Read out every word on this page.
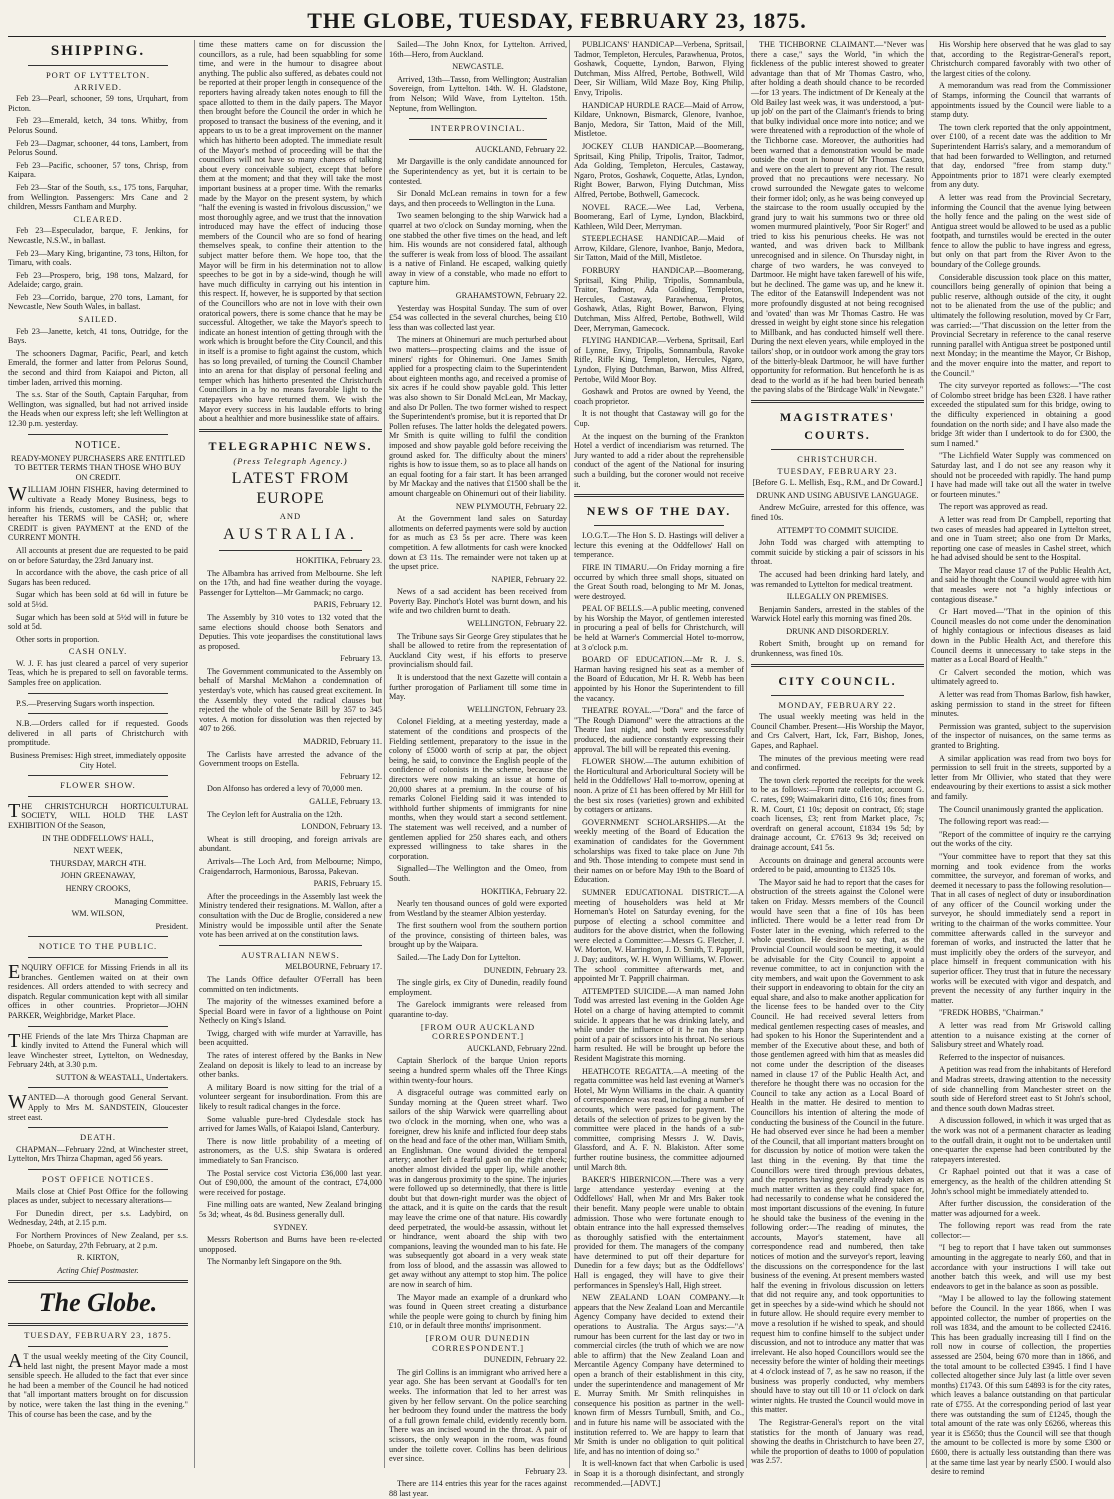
THE GLOBE, TUESDAY, FEBRUARY 23, 1875.
SHIPPING.
PORT OF LYTTELTON.
ARRIVED.

Feb 23—Pearl, schooner, 59 tons, Urquhart, from Picton.

Feb 23—Emerald, ketch, 34 tons. Whitby, from Pelorus Sound.

Feb 23—Dagmar, schooner, 44 tons, Lambert, from Pelorus Sound.

Feb 23—Pacific, schooner, 57 tons, Chrisp, from Kaipara.

Feb 23—Star of the South, s.s., 175 tons, Farquhar, from Wellington. Passengers: Mrs Cane and 2 children, Messrs Fantham and Murphy.

CLEARED.

Feb 23—Especulador, barque, F. Jenkins, for Newcastle, N.S.W., in ballast.

Feb 23—Mary King, brigantine, 73 tons, Hilton, for Timaru, with coals.

Feb 23—Prospero, brig, 198 tons, Malzard, for Adelaide; cargo, grain.

Feb 23—Corrido, barque, 270 tons, Lamant, for Newcastle, New South Wales, in ballast.

SAILED.

Feb 23—Janette, ketch, 41 tons, Outridge, for the Bays.

The schooners Dagmar, Pacific, Pearl, and ketch Emerald, the former and latter from Pelorus Sound, the second and third from Kaiapoi and Picton, all timber laden, arrived this morning.

The s.s. Star of the South, Captain Farquhar, from Wellington, was signalled, but had not arrived inside the Heads when our express left; she left Wellington at 12.30 p.m. yesterday.

NOTICE.

READY-MONEY PURCHASERS ARE ENTITLED TO BETTER TERMS THAN THOSE WHO BUY ON CREDIT.

WILLIAM JOHN FISHER, having determined to cultivate a Ready Money Business, begs to inform his friends, customers, and the public that hereafter his TERMS will be CASH; or, where CREDIT is given PAYMENT at the END of the CURRENT MONTH.

All accounts at present due are requested to be paid on or before Saturday, the 23rd January inst.

In accordance with the above, the cash price of all Sugars has been reduced.

Sugar which has been sold at 6d will in future be sold at 5½d.

Sugar which has been sold at 5½d will in future be sold at 5d.

Other sorts in proportion.

CASH ONLY.

W. J. F. has just cleared a parcel of very superior Teas, which he is prepared to sell on favorable terms. Samples free on application.

P.S.—Preserving Sugars worth inspection.

N.B.—Orders called for if requested. Goods delivered in all parts of Christchurch with promptitude.

Business Premises: High street, immediately opposite City Hotel.

FLOWER SHOW.

THE CHRISTCHURCH HORTICULTURAL SOCIETY, WILL HOLD THE LAST EXHIBITION Of the Season,

IN THE ODDFELLOWS' HALL,

NEXT WEEK,

THURSDAY, MARCH 4TH.

JOHN GREENAWAY,

HENRY CROOKS,

Managing Committee.

WM. WILSON,

President.

NOTICE TO THE PUBLIC.

ENQUIRY OFFICE for Missing Friends in all its branches. Gentlemen waited on at their own residences. All orders attended to with secrecy and dispatch. Regular communication kept with all similar offices in other countries. Proprietor—JOHN PARKER, Weighbridge, Market Place.

THE Friends of the late Mrs Thirza Chapman are kindly invited to Attend the Funeral which will leave Winchester street, Lyttelton, on Wednesday, February 24th, at 3.30 p.m.

SUTTON & WEASTALL, Undertakers.

WANTED—A thorough good General Servant. Apply to Mrs M. SANDSTEIN, Gloucester street east.

DEATH.

CHAPMAN—February 22nd, at Winchester street, Lyttelton, Mrs Thirza Chapman, aged 56 years.

POST OFFICE NOTICES.

Mails close at Chief Post Office for the following places as under, subject to necessary alterations—

For Dunedin direct, per s.s. Ladybird, on Wednesday, 24th, at 2.15 p.m.

For Northern Provinces of New Zealand, per s.s. Phoebe, on Saturday, 27th February, at 2 p.m.

R. KIRTON,

Acting Chief Postmaster.

The Globe.
TUESDAY, FEBRUARY 23, 1875.

AT the usual weekly meeting of the City Council, held last night, the present Mayor made a most sensible speech. He alluded to the fact that ever since he had been a member of the Council he had noticed that "all important matters brought on for discussion by notice, were taken the last thing in the evening." This of course has been the case, and by the

time these matters came on for discussion the councillors, as a rule, had been squabbling for some time, and were in the humour to disagree about anything. The public also suffered, as debates could not be reported at their proper length in consequence of the reporters having already taken notes enough to fill the space allotted to them in the daily papers. The Mayor then brought before the Council the order in which he proposed to transact the business of the evening, and it appears to us to be a great improvement on the manner which has hitherto been adopted. The immediate result of the Mayor's method of proceeding will be that the councillors will not have so many chances of talking about every conceivable subject, except that before them at the moment; and that they will take the most important business at a proper time. With the remarks made by the Mayor on the present system, by which "half the evening is wasted in frivolous discussion," we most thoroughly agree, and we trust that the innovation introduced may have the effect of inducing those members of the Council who are so fond of hearing themselves speak, to confine their attention to the subject matter before them. We hope too, that the Mayor will be firm in his determination not to allow speeches to be got in by a side-wind, though he will have much difficulty in carrying out his intention in this respect. If, however, he is supported by that section of the Councillors who are not in love with their own oratorical powers, there is some chance that he may be successful. Altogether, we take the Mayor's speech to indicate an honest intention of getting through with the work which is brought before the City Council, and this in itself is a promise to fight against the custom, which has so long prevailed, of turning the Council Chamber into an arena for that display of personal feeling and temper which has hitherto presented the Christchurch Councillors in a by no means favorable light to the ratepayers who have returned them. We wish the Mayor every success in his laudable efforts to bring about a healthier and more businesslike state of affairs.

TELEGRAPHIC NEWS.
(Press Telegraph Agency.)
LATEST FROM EUROPE
AND
AUSTRALIA.

HOKITIKA, February 23.

The Albambra has arrived from Melbourne. She left on the 17th, and had fine weather during the voyage. Passenger for Lyttelton—Mr Gammack; no cargo.

PARIS, February 12.

The Assembly by 310 votes to 132 voted that the same elections should choose both Senators and Deputies. This vote jeopardises the constitutional laws as proposed.

February 13.

The Government communicated to the Assembly on behalf of Marshal McMahon a condemnation of yesterday's vote, which has caused great excitement. In the Assembly they voted the radical clauses but rejected the whole of the Senate Bill by 357 to 345 votes. A motion for dissolution was then rejected by 407 to 266.

MADRID, February 11.

The Carlists have arrested the advance of the Government troops on Estella.

February 12.

Don Alfonso has ordered a levy of 70,000 men.

GALLE, February 13.

The Ceylon left for Australia on the 12th.

LONDON, February 13.

Wheat is still drooping, and foreign arrivals are abundant.

Arrivals—The Loch Ard, from Melbourne; Nimpo, Craigendarroch, Harmonious, Barossa, Pakevan.

PARIS, February 15.

After the proceedings in the Assembly last week the Ministry tendered their resignations. M. Wallon, after a consultation with the Duc de Broglie, considered a new Ministry would be impossible until after the Senate vote has been arrived at on the constitution laws.

AUSTRALIAN NEWS.

MELBOURNE, February 17.

The Lands Office defaulter O'Ferrall has been committed on ten indictments.

The majority of the witnesses examined before a Special Board were in favor of a lighthouse on Point Nethecly on King's Island.

Twigg, charged with wife murder at Yarraville, has been acquitted.

The rates of interest offered by the Banks in New Zealand on deposit is likely to lead to an increase by other banks.

A military Board is now sitting for the trial of a volunteer sergeant for insubordination. From this are likely to result radical changes in the force.

Some valuable pure-bred Clydesdale stock has arrived for James Walls, of Kaiapoi Island, Canterbury.

There is now little probability of a meeting of astronomers, as the U.S. ship Swatara is ordered immediately to San Francisco.

The Postal service cost Victoria £36,000 last year. Out of £90,000, the amount of the contract, £74,000 were received for postage.

Fine milling oats are wanted, New Zealand bringing 5s 3d; wheat, 4s 8d. Business generally dull.

SYDNEY.

Messrs Robertson and Burns have been re-elected unopposed.

The Normanby left Singapore on the 9th.

Sailed—The John Knox, for Lyttelton. Arrived, 16th—Hero, from Auckland.

NEWCASTLE.

Arrived, 13th—Tasso, from Wellington; Australian Sovereign, from Lyttelton. 14th. W. H. Gladstone, from Nelson; Wild Wave, from Lyttelton. 15th. Neptune, from Wellington.

INTERPROVINCIAL.

AUCKLAND, February 22.

Mr Dargaville is the only candidate announced for the Superintendency as yet, but it is certain to be contested.

Sir Donald McLean remains in town for a few days, and then proceeds to Wellington in the Luna.

Two seamen belonging to the ship Warwick had a quarrel at two o'clock on Sunday morning, when the one stabbed the other five times on the head, and left him. His wounds are not considered fatal, although the sufferer is weak from loss of blood. The assailant is a native of Finland. He escaped, walking quietly away in view of a constable, who made no effort to capture him.

GRAHAMSTOWN, February 22.

Yesterday was Hospital Sunday. The sum of over £54 was collected in the several churches, being £10 less than was collected last year.

The miners at Ohinemuri are much perturbed about two matters—prospecting claims and the issue of miners' rights for Ohinemuri. One James Smith applied for a prospecting claim to the Superintendent about eighteen months ago, and received a promise of six acres if he could show payable gold. This letter was also shown to Sir Donald McLean, Mr Mackay, and also Dr Pollen. The two former wished to respect the Superintendent's promise, but it is reported that Dr Pollen refuses. The latter holds the delegated powers. Mr Smith is quite willing to fulfil the condition imposed and show payable gold before receiving the ground asked for. The difficulty about the miners' rights is how to issue them, so as to place all hands on an equal footing for a fair start. It has been arranged by Mr Mackay and the natives that £1500 shall be the amount chargeable on Ohinemuri out of their liability.

NEW PLYMOUTH, February 22.

At the Government land sales on Saturday allotments on deferred payments were sold by auction for as much as £3 5s per acre. There was keen competition. A few allotments for cash were knocked down at £3 11s. The remainder were not taken up at the upset price.

NAPIER, February 22.

News of a sad accident has been received from Poverty Bay. Pinchot's Hotel was burnt down, and his wife and two children burnt to death.

WELLINGTON, February 22.

The Tribune says Sir George Grey stipulates that he shall be allowed to retire from the representation of Auckland City west, if his efforts to preserve provincialism should fail.

It is understood that the next Gazette will contain a further prorogation of Parliament till some time in May.

WELLINGTON, February 23.

Colonel Fielding, at a meeting yesterday, made a statement of the conditions and prospects of the Fielding settlement, preparatory to the issue in the colony of £5000 worth of scrip at par, the object being, he said, to convince the English people of the confidence of colonists in the scheme, because the directors were now making an issue at home of 20,000 shares at a premium. In the course of his remarks Colonel Fielding said it was intended to withhold further shipments of immigrants for nine months, when they would start a second settlement. The statement was well received, and a number of gentlemen applied for 250 shares each, and others expressed willingness to take shares in the corporation.

Signalled—The Wellington and the Omeo, from South.

HOKITIKA, February 22.

Nearly ten thousand ounces of gold were exported from Westland by the steamer Albion yesterday.

The first southern wool from the southern portion of the province, consisting of thirteen bales, was brought up by the Waipara.

Sailed.—The Lady Don for Lyttelton.

DUNEDIN, February 23.

The single girls, ex City of Dunedin, readily found employment.

The Garelock immigrants were released from quarantine to-day.

[FROM OUR AUCKLAND CORRESPONDENT.]

AUCKLAND, February 22nd.

Captain Sherlock of the barque Union reports seeing a hundred sperm whales off the Three Kings within twenty-four hours.

A disgraceful outrage was committed early on Sunday morning at the Queen street wharf. Two sailors of the ship Warwick were quarrelling about two o'clock in the morning, when one, who was a foreigner, drew his knife and inflicted four deep stabs on the head and face of the other man, William Smith, an Englishman. One wound divided the temporal artery; another left a fearful gash on the right cheek; another almost divided the upper lip, while another was in dangerous proximity to the spine. The injuries were followed up so determinedly, that there is little doubt but that down-right murder was the object of the attack, and it is quite on the cards that the result may leave the crime one of that nature. His cowardly deed perpetrated, the would-be assassin, without let or hindrance, went aboard the ship with two companions, leaving the wounded man to his fate. He was subsequently got aboard in a very weak state from loss of blood, and the assassin was allowed to get away without any attempt to stop him. The police are now in search of him.

The Mayor made an example of a drunkard who was found in Queen street creating a disturbance while the people were going to church by fining him £10, or in default three months' imprisonment.

[FROM OUR DUNEDIN CORRESPONDENT.]

DUNEDIN, February 22.

The girl Collins is an immigrant who arrived here a year ago. She has been servant at Goodall's for ten weeks. The information that led to her arrest was given by her fellow servant. On the police searching her bedroom they found under the mattress the body of a full grown female child, evidently recently born. There was an incised wound in the throat. A pair of scissors, the only weapon in the room, was found under the toilette cover. Collins has been delirious ever since.

February 23.

There are 114 entries this year for the races against 88 last year.

PUBLICANS' HANDICAP—Verbena, Spritsail, Tadmor, Templeton, Hercules, Parawhenua, Protos, Goshawk, Coquette, Lyndon, Barwon, Flying Dutchman, Miss Alfred, Pertobe, Bothwell, Wild Deer, Sir William, Wild Maze Boy, King Philip, Envy, Tripolis.

HANDICAP HURDLE RACE—Maid of Arrow, Kildare, Unknown, Bismarck, Glenore, Ivanhoe, Banjo, Medora, Sir Tatton, Maid of the Mill, Mistletoe.

JOCKEY CLUB HANDICAP.—Boomerang, Spritsail, King Philip, Tripolis, Traitor, Tadmor, Ada Golding, Templeton, Hercules, Castaway, Ngaro, Protos, Goshawk, Coquette, Atlas, Lyndon, Right Bower, Barwon, Flying Dutchman, Miss Alfred, Pertobe, Bothwell, Gamecock.

NOVEL RACE.—Wee Lad, Verbena, Boomerang, Earl of Lyme, Lyndon, Blackbird, Kathleen, Wild Deer, Merryman.

STEEPLECHASE HANDICAP.—Maid of Arrow, Kildare, Glenore, Ivanhoe, Banjo, Medora, Sir Tatton, Maid of the Mill, Mistletoe.

FORBURY HANDICAP.—Boomerang, Spritsail, King Philip, Tripolis, Somnambula, Traitor, Tadmor, Ada Golding, Templeton, Hercules, Castaway, Parawhenua, Protos, Goshawk, Atlas, Right Bower, Barwon, Flying Dutchman, Miss Alfred, Pertobe, Bothwell, Wild Deer, Merryman, Gamecock.

FLYING HANDICAP.—Verbena, Spritsail, Earl of Lynne, Envy, Tripolis, Somnambula, Ravoke Rifle, Rifle King, Templeton, Hercules, Ngaro, Lyndon, Flying Dutchman, Barwon, Miss Alfred, Pertobe, Wild Moor Boy.

Goshawk and Protos are owned by Yeend, the coach proprietor.

It is not thought that Castaway will go for the Cup.

At the inquest on the burning of the Frankton Hotel a verdict of incendiarism was returned. The Jury wanted to add a rider about the reprehensible conduct of the agent of the National for insuring such a building, but the coroner would not receive it.

NEWS OF THE DAY.

I.O.G.T.—The Hon S. D. Hastings will deliver a lecture this evening at the Oddfellows' Hall on temperance.

FIRE IN TIMARU.—On Friday morning a fire occurred by which three small shops, situated on the Great South road, belonging to Mr M. Jonas, were destroyed.

PEAL OF BELLS.—A public meeting, convened by his Worship the Mayor, of gentlemen interested in procuring a peal of bells for Christchurch, will be held at Warner's Commercial Hotel to-morrow, at 3 o'clock p.m.

BOARD OF EDUCATION.—Mr R. J. S. Harman having resigned his seat as a member of the Board of Education, Mr H. R. Webb has been appointed by his Honor the Superintendent to fill the vacancy.

THEATRE ROYAL.—"Dora" and the farce of "The Rough Diamond" were the attractions at the Theatre last night, and both were successfully produced, the audience constantly expressing their approval. The bill will be repeated this evening.

FLOWER SHOW.—The autumn exhibition of the Horticultural and Arboricultural Society will be held in the Oddfellows' Hall to-morrow, opening at noon. A prize of £1 has been offered by Mr Hill for the best six roses (varieties) grown and exhibited by cottagers or artizans.

GOVERNMENT SCHOLARSHIPS.—At the weekly meeting of the Board of Education the examination of candidates for the Government scholarships was fixed to take place on June 7th and 9th. Those intending to compete must send in their names on or before May 19th to the Board of Education.

SUMNER EDUCATIONAL DISTRICT.—A meeting of householders was held at Mr Horneman's Hotel on Saturday evening, for the purpose of electing a school committee and auditors for the above district, when the following were elected a Committee:—Messrs G. Fletcher, J. W. Morton, W. Harrington, J. D. Smith, T. Papprill, J. Day; auditors, W. H. Wynn Williams, W. Flower. The school committee afterwards met, and appointed Mr T. Papprill chairman.

ATTEMPTED SUICIDE.—A man named John Todd was arrested last evening in the Golden Age Hotel on a charge of having attempted to commit suicide. It appears that he was drinking lately, and while under the influence of it he ran the sharp point of a pair of scissors into his throat. No serious harm resulted. He will be brought up before the Resident Magistrate this morning.

HEATHCOTE REGATTA.—A meeting of the regatta committee was held last evening at Warner's Hotel, Mr Wynn Williams in the chair. A quantity of correspondence was read, including a number of accounts, which were passed for payment. The details of the selection of prizes to be given by the committee were placed in the hands of a sub-committee, comprising Messrs J. W. Davis, Glassford, and A. F. N. Blakiston. After some further routine business, the committee adjourned until March 8th.

BAKER'S HIBERNICON.—There was a very large attendance yesterday evening at the Oddfellows' Hall, when Mr and Mrs Baker took their benefit. Many people were unable to obtain admission. Those who were fortunate enough to obtain entrance into the hall expressed themselves as thoroughly satisfied with the entertainment provided for them. The managers of the company have determined to put off their departure for Dunedin for a few days; but as the Oddfellows' Hall is engaged, they will have to give their performances in Spensley's Hall, High street.

NEW ZEALAND LOAN COMPANY.—It appears that the New Zealand Loan and Mercantile Agency Company have decided to extend their operations to Australia. The Argus says:—"A rumour has been current for the last day or two in commercial circles (the truth of which we are now able to affirm) that the New Zealand Loan and Mercantile Agency Company have determined to open a branch of their establishment in this city, under the superintendence and management of Mr E. Murray Smith. Mr Smith relinquishes in consequence his position as partner in the well-known firm of Messrs Turnbull, Smith, and Co., and in future his name will be associated with the institution referred to. We are happy to learn that Mr Smith is under no obligation to quit political life, and has no intention of doing so."

It is well-known fact that when Carbolic is used in Soap it is a thorough disinfectant, and strongly recommended.—[ADVT.]

THE TICHBORNE CLAIMANT.—"Never was there a case," says the World, "in which the fickleness of the public interest showed to greater advantage than that of Mr Thomas Castro, who, after holding a death should chance to be recorded—for 13 years. The indictment of Dr Kenealy at the Old Bailey last week was, it was understood, a 'put-up job' on the part of the Claimant's friends to bring that bulky individual once more into notice; and we were threatened with a reproduction of the whole of the Tichborne case. Moreover, the authorities had been warned that a demonstration would be made outside the court in honour of Mr Thomas Castro, and were on the alert to prevent any riot. The result proved that no precautions were necessary. No crowd surrounded the Newgate gates to welcome their former idol; only, as he was being conveyed up the staircase to the room usually occupied by the grand jury to wait his summons two or three old women murmured plaintively, 'Poor Sir Roger!' and tried to kiss his penurious cheeks. He was not wanted, and was driven back to Millbank unrecognised and in silence. On Thursday night, in charge of two warders, he was conveyed to Dartmoor. He might have taken farewell of his wife, but he declined. The game was up, and he knew it. The editor of the Eatanswill Independent was not more profoundly disgusted at not being recognised and 'ovated' than was Mr Thomas Castro. He was dressed in weight by eight stone since his relegation to Millbank, and has conducted himself well there. During the next eleven years, while employed in the tailors' shop, or in outdoor work among the gray tors of the bitterly-bleak Dartmoor, he will have further opportunity for reformation. But henceforth he is as dead to the world as if he had been buried beneath the paving slabs of the 'Birdcage Walk' in Newgate."

MAGISTRATES' COURTS.
CHRISTCHURCH.
TUESDAY, FEBRUARY 23.

[Before G. L. Mellish, Esq., R.M., and Dr Coward.]

DRUNK AND USING ABUSIVE LANGUAGE.

Andrew McGuire, arrested for this offence, was fined 10s.

ATTEMPT TO COMMIT SUICIDE.

John Todd was charged with attempting to commit suicide by sticking a pair of scissors in his throat.

The accused had been drinking hard lately, and was remanded to Lyttelton for medical treatment.

ILLEGALLY ON PREMISES.

Benjamin Sanders, arrested in the stables of the Warwick Hotel early this morning was fined 20s.

DRUNK AND DISORDERLY.

Robert Smith, brought up on remand for drunkenness, was fined 10s.

CITY COUNCIL.
MONDAY, FEBRUARY 22.

The usual weekly meeting was held in the Council Chamber. Present—His Worship the Mayor, and Crs Calvert, Hart, Ick, Farr, Bishop, Jones, Gapes, and Raphael.

The minutes of the previous meeting were read and confirmed.

The town clerk reported the receipts for the week to be as follows:—From rate collector, account G. C. rates, £99; Waimakariri ditto, £16 10s; fines from R. M. Court, £1 10s; deposit on contract, £6; stage coach licenses, £3; rent from Market place, 7s; overdraft on general account, £1834 19s 5d; by drainage account, Cr. £7613 9s 3d; received on drainage account, £41 5s.

Accounts on drainage and general accounts were ordered to be paid, amounting to £1325 10s.

The Mayor said he had to report that the cases for obstruction of the streets against the Colonel were taken on Friday. Messrs members of the Council would have seen that a fine of 10s has been inflicted. There would be a letter read from Dr Foster later in the evening, which referred to the whole question. He desired to say that, as the Provincial Council would soon be meeting, it would be advisable for the City Council to appoint a revenue committee, to act in conjunction with the city members, and wait upon the Government to ask their support in endeavoring to obtain for the city an equal share, and also to make another application for the license fees to be handed over to the City Council. He had received several letters from medical gentlemen respecting cases of measles, and had spoken to his Honor the Superintendent and a member of the Executive about these, and both of those gentlemen agreed with him that as measles did not come under the description of the diseases named in clause 17 of the Public Health Act, and therefore he thought there was no occasion for the Council to take any action as a Local Board of Health in the matter. He desired to mention to Councillors his intention of altering the mode of conducting the business of the Council in the future. He had observed ever since he had been a member of the Council, that all important matters brought on for discussion by notice of motion were taken the last thing in the evening. By that time the Councillors were tired through previous debates, and the reporters having generally already taken as much matter written as they could find space for, had necessarily to condense what he considered the most important discussions of the evening. In future he should take the business of the evening in the following order:—The reading of minutes, the accounts, Mayor's statement, have all correspondence read and numbered, then take notices of motion and the surveyor's report, leaving the discussions on the correspondence for the last business of the evening. At present members wasted half the evening in frivolous discussion on letters that did not require any, and took opportunities to get in speeches by a side-wind which he should not in future allow. He should require every member to move a resolution if he wished to speak, and should request him to confine himself to the subject under discussion, and not to introduce any matter that was irrelevant. He also hoped Councillors would see the necessity before the winter of holding their meetings at 4 o'clock instead of 7, as he saw no reason, if the business was properly conducted, why members should have to stay out till 10 or 11 o'clock on dark winter nights. He trusted the Council would move in this matter.

The Registrar-General's report on the vital statistics for the month of January was read, showing the deaths in Christchurch to have been 27, while the proportion of deaths to 1000 of population was 2.57.

His Worship here observed that he was glad to say that, according to the Registrar-General's report, Christchurch compared favorably with two other of the largest cities of the colony.

A memorandum was read from the Commissioner of Stamps, informing the Council that warrants of appointments issued by the Council were liable to a stamp duty.

The town clerk reported that the only appointment, over £100, of a recent date was the addition to Mr Superintendent Harris's salary, and a memorandum of that had been forwarded to Wellington, and returned that day, endorsed "free from stamp duty." Appointments prior to 1871 were clearly exempted from any duty.

A letter was read from the Provincial Secretary, informing the Council that the avenue lying between the holly fence and the paling on the west side of Antigua street would be allowed to be used as a public footpath, and turnstiles would be erected in the outer fence to allow the public to have ingress and egress, but only on that part from the River Avon to the boundary of the College grounds.

Considerable discussion took place on this matter, councillors being generally of opinion that being a public reserve, although outside of the city, it ought not to be alienated from the use of the public; and ultimately the following resolution, moved by Cr Farr, was carried:—"That discussion on the letter from the Provincial Secretary in reference to the canal reserve running parallel with Antigua street be postponed until next Monday; in the meantime the Mayor, Cr Bishop, and the mover enquire into the matter, and report to the Council."

The city surveyor reported as follows:—"The cost of Colombo street bridge has been £328. I have rather exceeded the stipulated sum for this bridge, owing to the difficulty experienced in obtaining a good foundation on the north side; and I have also made the bridge 3ft wider than I undertook to do for £300, the sum I named."

"The Lichfield Water Supply was commenced on Saturday last, and I do not see any reason why it should not be proceeded with rapidly. The hand pump I have had made will take out all the water in twelve or fourteen minutes."

The report was approved as read.

A letter was read from Dr Campbell, reporting that two cases of measles had appeared in Lyttelton street, and one in Tuam street; also one from Dr Marks, reporting one case of measles in Cashel street, which he had advised should be sent to the Hospital.

The Mayor read clause 17 of the Public Health Act, and said he thought the Council would agree with him that measles were not "a highly infectious or contagious disease."

Cr Hart moved—"That in the opinion of this Council measles do not come under the denomination of highly contagious or infectious diseases as laid down in the Public Health Act, and therefore this Council deems it unnecessary to take steps in the matter as a Local Board of Health."

Cr Calvert seconded the motion, which was ultimately agreed to.

A letter was read from Thomas Barlow, fish hawker, asking permission to stand in the street for fifteen minutes.

Permission was granted, subject to the supervision of the inspector of nuisances, on the same terms as granted to Brighting.

A similar application was read from two boys for permission to sell fruit in the streets, supported by a letter from Mr Ollivier, who stated that they were endeavouring by their exertions to assist a sick mother and family.

The Council unanimously granted the application.

The following report was read:—

"Report of the committee of inquiry re the carrying out the works of the city.

"Your committee have to report that they sat this morning and took evidence from the works committee, the surveyor, and foreman of works, and deemed it necessary to pass the following resolution—That in all cases of neglect of duty or insubordination of any officer of the Council working under the surveyor, he should immediately send a report in writing to the chairman of the works committee. Your committee afterwards called in the surveyor and foreman of works, and instructed the latter that he must implicitly obey the orders of the surveyor, and place himself in frequent communication with his superior officer. They trust that in future the necessary works will be executed with vigor and despatch, and prevent the necessity of any further inquiry in the matter.

"FREDK HOBBS, "Chairman."

A letter was read from Mr Griswold calling attention to a nuisance existing at the corner of Salisbury street and Whately road.

Referred to the inspector of nuisances.

A petition was read from the inhabitants of Hereford and Madras streets, drawing attention to the necessity of side channelling from Manchester street on the south side of Hereford street east to St John's school, and thence south down Madras street.

A discussion followed, in which it was urged that as the work was not of a permanent character as leading to the outfall drain, it ought not to be undertaken until one-quarter the expense had been contributed by the ratepayers interested.

Cr Raphael pointed out that it was a case of emergency, as the health of the children attending St John's school might be immediately attended to.

After further discussion, the consideration of the matter was adjourned for a week.

The following report was read from the rate collector:—

"I beg to report that I have taken out summonses amounting in the aggregate to nearly £60, and that in accordance with your instructions I will take out another batch this week, and will use my best endeavors to get in the balance as soon as possible.

"May I be allowed to lay the following statement before the Council. In the year 1866, when I was appointed collector, the number of properties on the roll was 1834, and the amount to be collected £2416. This has been gradually increasing till I find on the roll now in course of collection, the properties assessed are 2504, being 670 more than in 1866, and the total amount to be collected £3945. I find I have collected altogether since July last (a little over seven months) £1743. Of this sum £4893 is for the city rates, which leaves a balance outstanding on that particular rate of £755. At the corresponding period of last year there was outstanding the sum of £1245, though the total amount of the rate was only £6266, whereas this year it is £5650; thus the Council will see that though the amount to be collected is more by some £300 or £600, there is actually less outstanding than there was at the same time last year by nearly £500. I would also desire to remind
